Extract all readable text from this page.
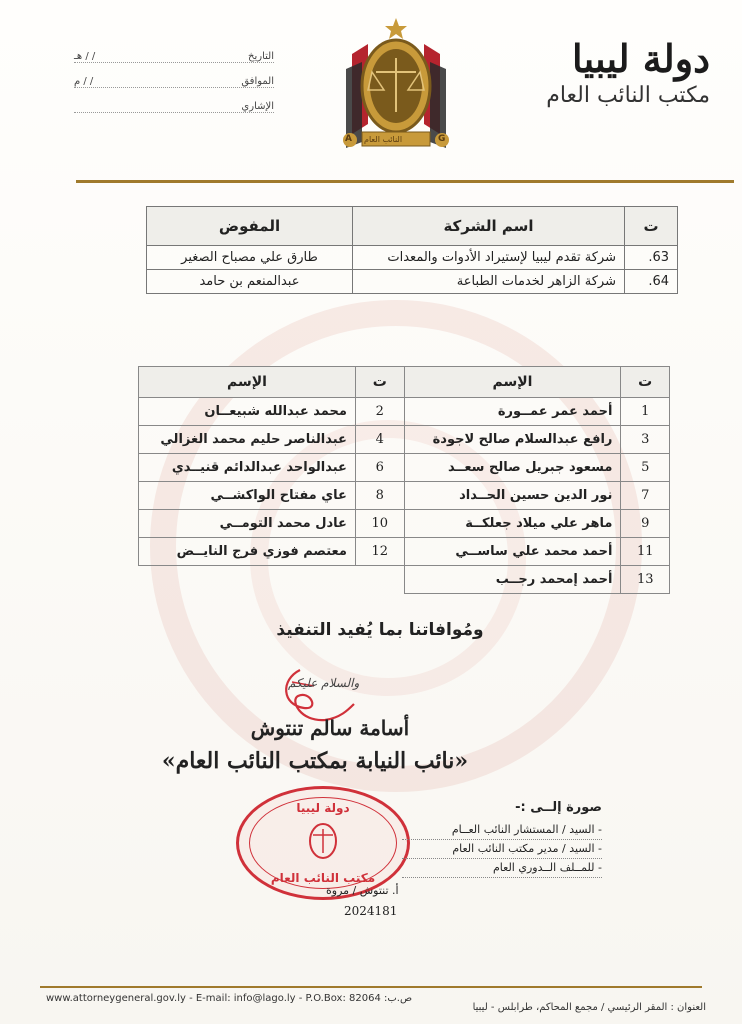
دولة ليبيا
مكتب النائب العام
التاريخ
/ / هـ
الموافق
/ / م
الإشاري
النائب العام
A	G
ت	اسم الشركة	المفوض
63.	شركة تقدم ليبيا لإستيراد الأدوات والمعدات	طارق علي مصباح الصغير
64.	شركة الزاهر لخدمات الطباعة	عبدالمنعم بن حامد
ت	الإسم	ت	الإسم
1	أحمد عمر عمــورة	2	محمد عبدالله شبيعــان
3	رافع عبدالسلام صالح لاجودة	4	عبدالناصر حليم محمد الغزالي
5	مسعود جبريل صالح سعــد	6	عبدالواحد عبدالدائم قنيــدي
7	نور الدين حسين الحــداد	8	عاي مفتاح الواكشــي
9	ماهر علي ميلاد جعلكــة	10	عادل محمد التومــي
11	أحمد محمد علي ساســي	12	معتصم فوزي فرج النايــض
13	أحمد إمحمد رجــب		
ومُوافاتنا بما يُفيد التنفيذ
والسلام عليكم
أسامة سالم تنتوش
«نائب النيابة بمكتب النائب العام»
دولة ليبيا
مكتب النائب العام
صورة إلــى :-
- السيد / المستشار النائب العــام
- السيد / مدير مكتب النائب العام
- للمــلف الــدوري العام
أ. تنتوش / مروة
2024181
www.attorneygeneral.gov.ly - E-mail: info@lago.ly - P.O.Box: 82064 :ص.ب
العنوان : المقر الرئيسي / مجمع المحاكم، طرابلس - ليبيا
